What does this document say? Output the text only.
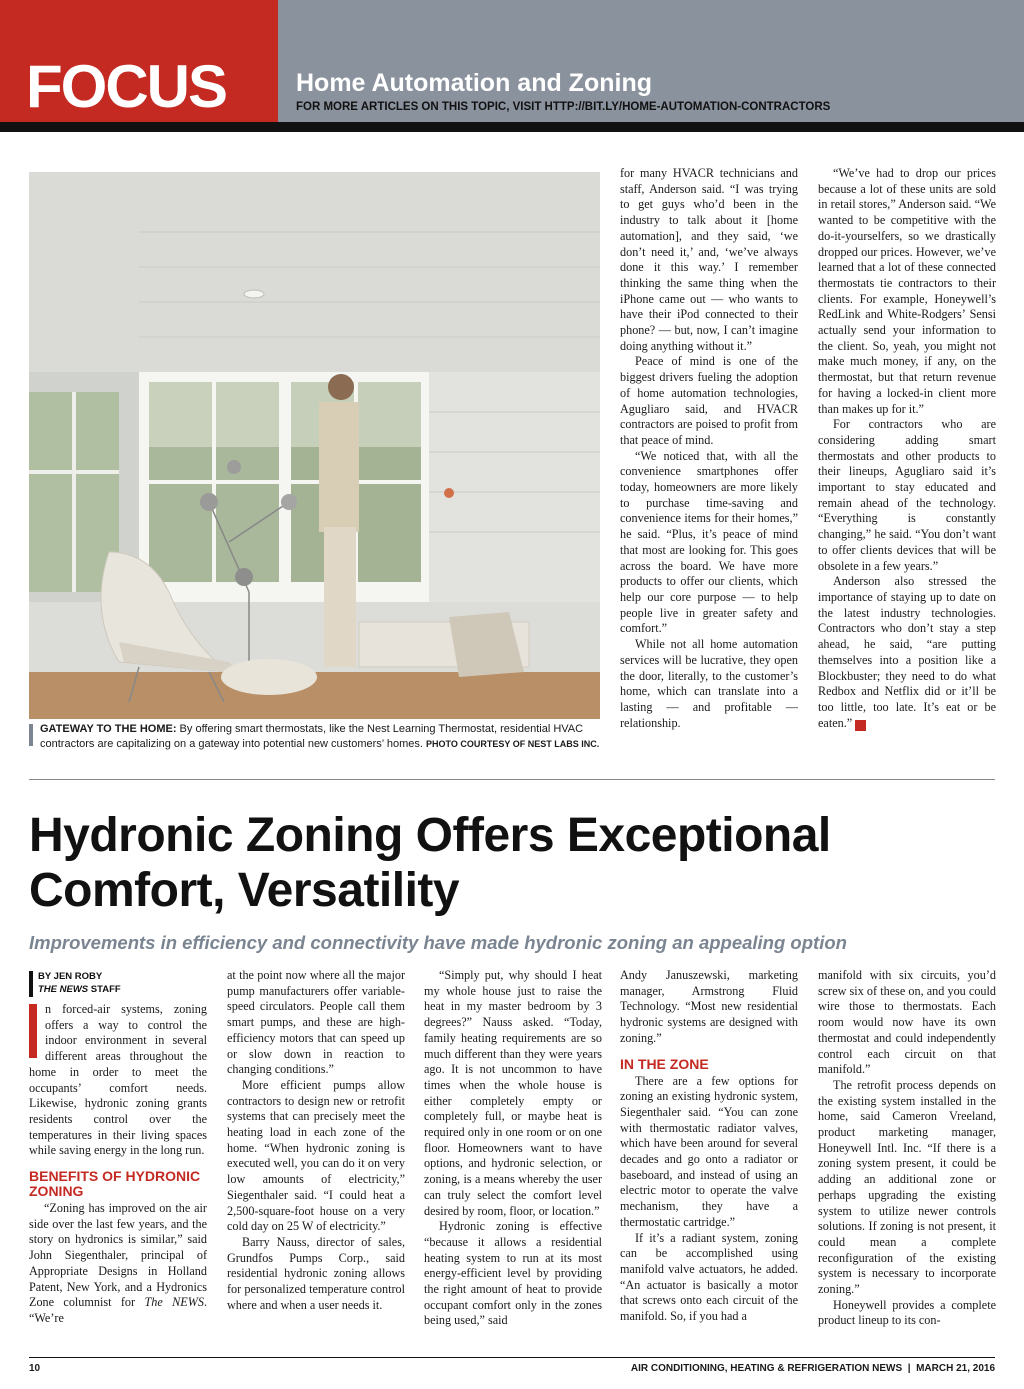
FOCUS	Home Automation and Zoning
FOR MORE ARTICLES ON THIS TOPIC, VISIT HTTP://BIT.LY/HOME-AUTOMATION-CONTRACTORS
GATEWAY TO THE HOME: By offering smart thermostats, like the Nest Learning Thermostat, residential HVAC contractors are capitalizing on a gateway into potential new customers’ homes. PHOTO COURTESY OF NEST LABS INC.

for many HVACR technicians and staff, Anderson said. “I was trying to get guys who’d been in the industry to talk about it [home automation], and they said, ‘we don’t need it,’ and, ‘we’ve always done it this way.’ I remember thinking the same thing when the iPhone came out — who wants to have their iPod connected to their phone? — but, now, I can’t imagine doing anything without it.”

Peace of mind is one of the biggest drivers fueling the adoption of home automation technologies, Agugliaro said, and HVACR contractors are poised to profit from that peace of mind.

“We noticed that, with all the convenience smartphones offer today, homeowners are more likely to purchase time-saving and convenience items for their homes,” he said. “Plus, it’s peace of mind that most are looking for. This goes across the board. We have more products to offer our clients, which help our core purpose — to help people live in greater safety and comfort.”

While not all home automation services will be lucrative, they open the door, literally, to the customer’s home, which can translate into a lasting — and profitable — relationship.

“We’ve had to drop our prices because a lot of these units are sold in retail stores,” Anderson said. “We wanted to be competitive with the do-it-yourselfers, so we drastically dropped our prices. However, we’ve learned that a lot of these connected thermostats tie contractors to their clients. For example, Honeywell’s RedLink and White-Rodgers’ Sensi actually send your information to the client. So, yeah, you might not make much money, if any, on the thermostat, but that return revenue for having a locked-in client more than makes up for it.”

For contractors who are considering adding smart thermostats and other products to their lineups, Agugliaro said it’s important to stay educated and remain ahead of the technology. “Everything is constantly changing,” he said. “You don’t want to offer clients devices that will be obsolete in a few years.”

Anderson also stressed the importance of staying up to date on the latest industry technologies. Contractors who don’t stay a step ahead, he said, “are putting themselves into a position like a Blockbuster; they need to do what Redbox and Netflix did or it’ll be too little, too late. It’s eat or be eaten.” N

Hydronic Zoning Offers Exceptional Comfort, Versatility
Improvements in efficiency and connectivity have made hydronic zoning an appealing option
BY JEN ROBY
THE NEWS STAFF

n forced-air systems, zoning offers a way to control the indoor environment in several different areas throughout the home in order to meet the occupants’ comfort needs. Likewise, hydronic zoning grants residents control over the temperatures in their living spaces while saving energy in the long run.

BENEFITS OF HYDRONIC ZONING

“Zoning has improved on the air side over the last few years, and the story on hydronics is similar,” said John Siegenthaler, principal of Appropriate Designs in Holland Patent, New York, and a Hydronics Zone columnist for The NEWS. “We’re

at the point now where all the major pump manufacturers offer variable-speed circulators. People call them smart pumps, and these are high-efficiency motors that can speed up or slow down in reaction to changing conditions.”

More efficient pumps allow contractors to design new or retrofit systems that can precisely meet the heating load in each zone of the home. “When hydronic zoning is executed well, you can do it on very low amounts of electricity,” Siegenthaler said. “I could heat a 2,500-square-foot house on a very cold day on 25 W of electricity.”

Barry Nauss, director of sales, Grundfos Pumps Corp., said residential hydronic zoning allows for personalized temperature control where and when a user needs it.

“Simply put, why should I heat my whole house just to raise the heat in my master bedroom by 3 degrees?” Nauss asked. “Today, family heating requirements are so much different than they were years ago. It is not uncommon to have times when the whole house is either completely empty or completely full, or maybe heat is required only in one room or on one floor. Homeowners want to have options, and hydronic selection, or zoning, is a means whereby the user can truly select the comfort level desired by room, floor, or location.”

Hydronic zoning is effective “because it allows a residential heating system to run at its most energy-efficient level by providing the right amount of heat to provide occupant comfort only in the zones being used,” said

Andy Januszewski, marketing manager, Armstrong Fluid Technology. “Most new residential hydronic systems are designed with zoning.”

IN THE ZONE

There are a few options for zoning an existing hydronic system, Siegenthaler said. “You can zone with thermostatic radiator valves, which have been around for several decades and go onto a radiator or baseboard, and instead of using an electric motor to operate the valve mechanism, they have a thermostatic cartridge.”

If it’s a radiant system, zoning can be accomplished using manifold valve actuators, he added. “An actuator is basically a motor that screws onto each circuit of the manifold. So, if you had a

manifold with six circuits, you’d screw six of these on, and you could wire those to thermostats. Each room would now have its own thermostat and could independently control each circuit on that manifold.”

The retrofit process depends on the existing system installed in the home, said Cameron Vreeland, product marketing manager, Honeywell Intl. Inc. “If there is a zoning system present, it could be adding an additional zone or perhaps upgrading the existing system to utilize newer controls solutions. If zoning is not present, it could mean a complete reconfiguration of the existing system is necessary to incorporate zoning.”

Honeywell provides a complete product lineup to its con-

10	AIR CONDITIONING, HEATING & REFRIGERATION NEWS | MARCH 21, 2016
